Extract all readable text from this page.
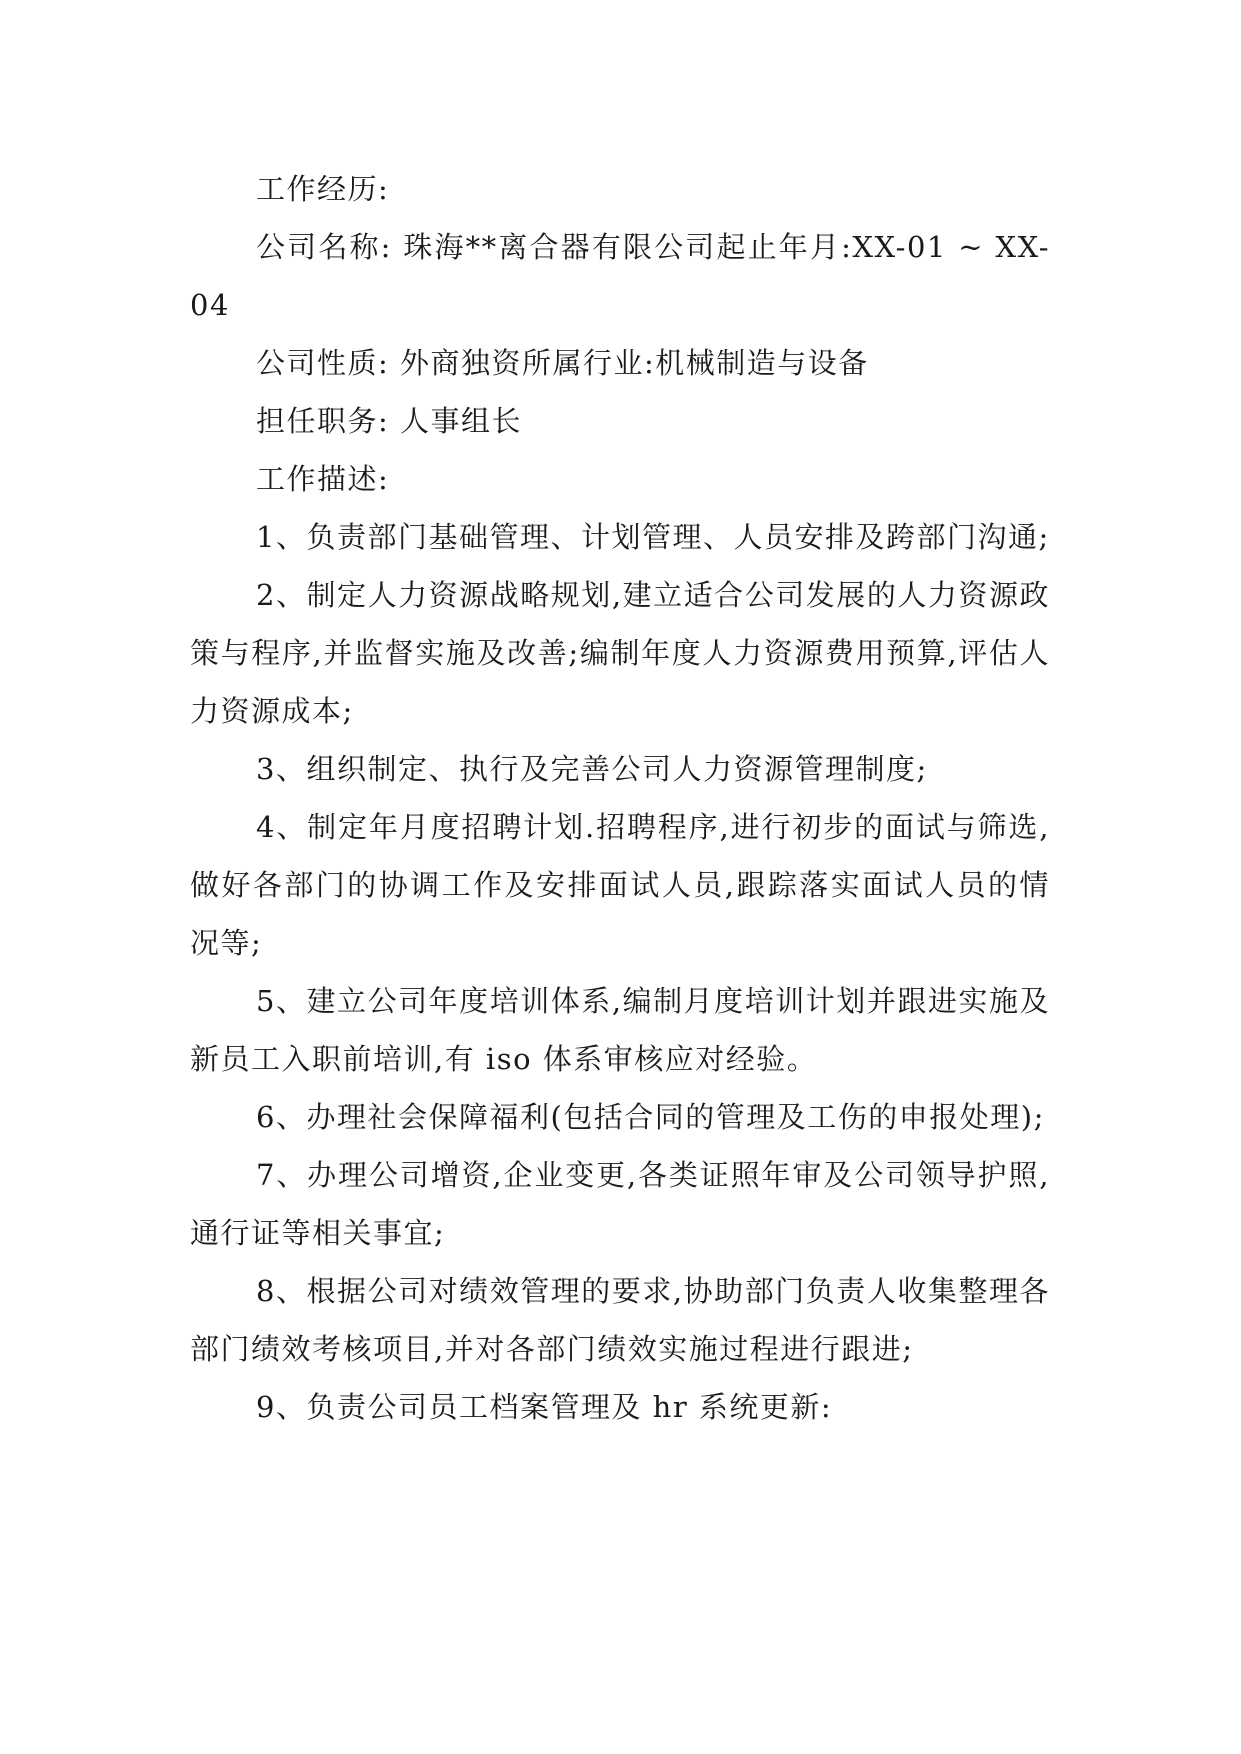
工作经历:

公司名称: 珠海**离合器有限公司起止年月:XX-01 ~ XX-04

公司性质: 外商独资所属行业:机械制造与设备

担任职务: 人事组长

工作描述:

1、负责部门基础管理、计划管理、人员安排及跨部门沟通;

2、制定人力资源战略规划,建立适合公司发展的人力资源政策与程序,并监督实施及改善;编制年度人力资源费用预算,评估人力资源成本;

3、组织制定、执行及完善公司人力资源管理制度;

4、制定年月度招聘计划.招聘程序,进行初步的面试与筛选,做好各部门的协调工作及安排面试人员,跟踪落实面试人员的情况等;

5、建立公司年度培训体系,编制月度培训计划并跟进实施及新员工入职前培训,有 iso 体系审核应对经验。

6、办理社会保障福利(包括合同的管理及工伤的申报处理);

7、办理公司增资,企业变更,各类证照年审及公司领导护照,通行证等相关事宜;

8、根据公司对绩效管理的要求,协助部门负责人收集整理各部门绩效考核项目,并对各部门绩效实施过程进行跟进;

9、负责公司员工档案管理及 hr 系统更新:
